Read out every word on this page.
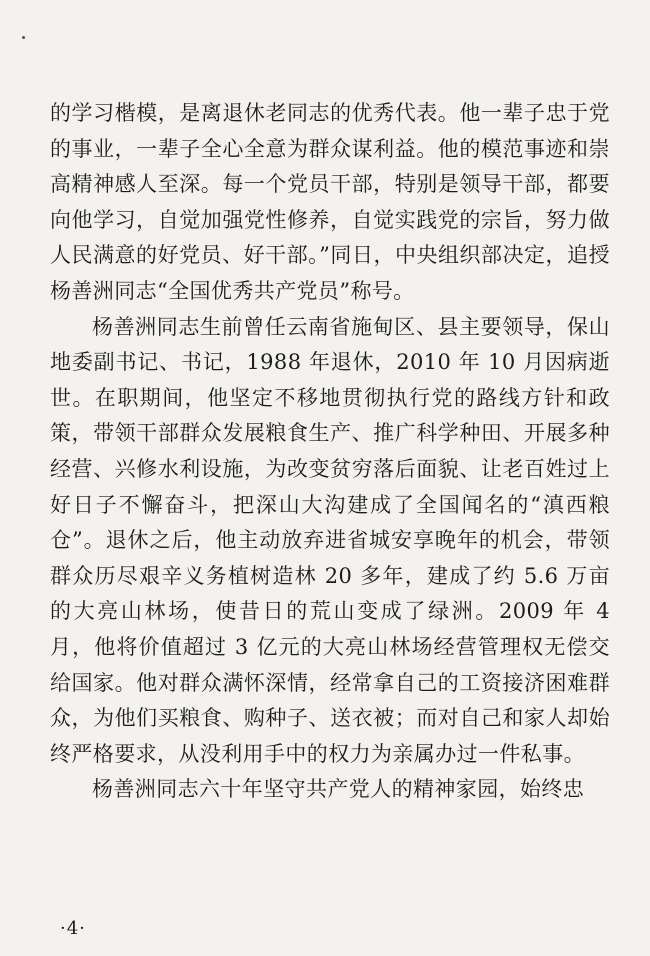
的学习楷模，是离退休老同志的优秀代表。他一辈子忠于党的事业，一辈子全心全意为群众谋利益。他的模范事迹和崇高精神感人至深。每一个党员干部，特别是领导干部，都要向他学习，自觉加强党性修养，自觉实践党的宗旨，努力做人民满意的好党员、好干部。”同日，中央组织部决定，追授杨善洲同志“全国优秀共产党员”称号。

杨善洲同志生前曾任云南省施甸区、县主要领导，保山地委副书记、书记，1988 年退休，2010 年 10 月因病逝世。在职期间，他坚定不移地贯彻执行党的路线方针和政策，带领干部群众发展粮食生产、推广科学种田、开展多种经营、兴修水利设施，为改变贫穷落后面貌、让老百姓过上好日子不懈奋斗，把深山大沟建成了全国闻名的“滇西粮仓”。退休之后，他主动放弃进省城安享晚年的机会，带领群众历尽艰辛义务植树造林 20 多年，建成了约 5.6 万亩的大亮山林场，使昔日的荒山变成了绿洲。2009 年 4 月，他将价值超过 3 亿元的大亮山林场经营管理权无偿交给国家。他对群众满怀深情，经常拿自己的工资接济困难群众，为他们买粮食、购种子、送衣被；而对自己和家人却始终严格要求，从没利用手中的权力为亲属办过一件私事。

杨善洲同志六十年坚守共产党人的精神家园，始终忠

·4·
